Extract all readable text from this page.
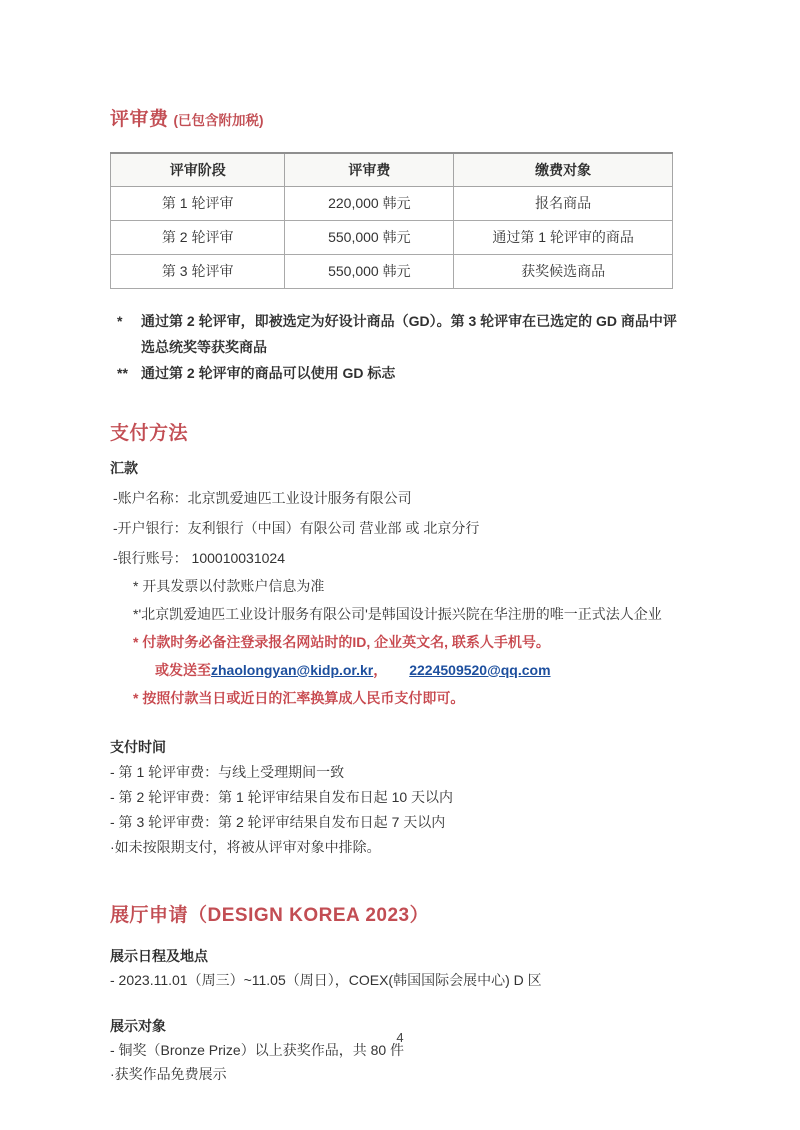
评审费 (已包含附加税)
评审阶段	评审费	缴费对象
第 1 轮评审	220,000 韩元	报名商品
第 2 轮评审	550,000 韩元	通过第 1 轮评审的商品
第 3 轮评审	550,000 韩元	获奖候选商品
*	通过第 2 轮评审，即被选定为好设计商品（GD）。第 3 轮评审在已选定的 GD 商品中评
选总统奖等获奖商品
** 通过第 2 轮评审的商品可以使用 GD 标志
支付方法
汇款
-账户名称：北京凯爱迪匹工业设计服务有限公司
-开户银行：友利银行（中国）有限公司 营业部 或 北京分行
-银行账号： 100010031024
* 开具发票以付款账户信息为准
*'北京凯爱迪匹工业设计服务有限公司'是韩国设计振兴院在华注册的唯一正式法人企业
* 付款时务必备注登录报名网站时的ID, 企业英文名, 联系人手机号。
或发送至zhaolongyan@kidp.or.kr， 2224509520@qq.com
* 按照付款当日或近日的汇率换算成人民币支付即可。
支付时间
- 第 1 轮评审费：与线上受理期间一致
- 第 2 轮评审费：第 1 轮评审结果自发布日起 10 天以内
- 第 3 轮评审费：第 2 轮评审结果自发布日起 7 天以内
·如未按限期支付，将被从评审对象中排除。
展厅申请（DESIGN KOREA 2023）
展示日程及地点
- 2023.11.01（周三）~11.05（周日），COEX(韩国国际会展中心) D 区
展示对象
- 铜奖（Bronze Prize）以上获奖作品，共 80 件
·获奖作品免费展示
4
